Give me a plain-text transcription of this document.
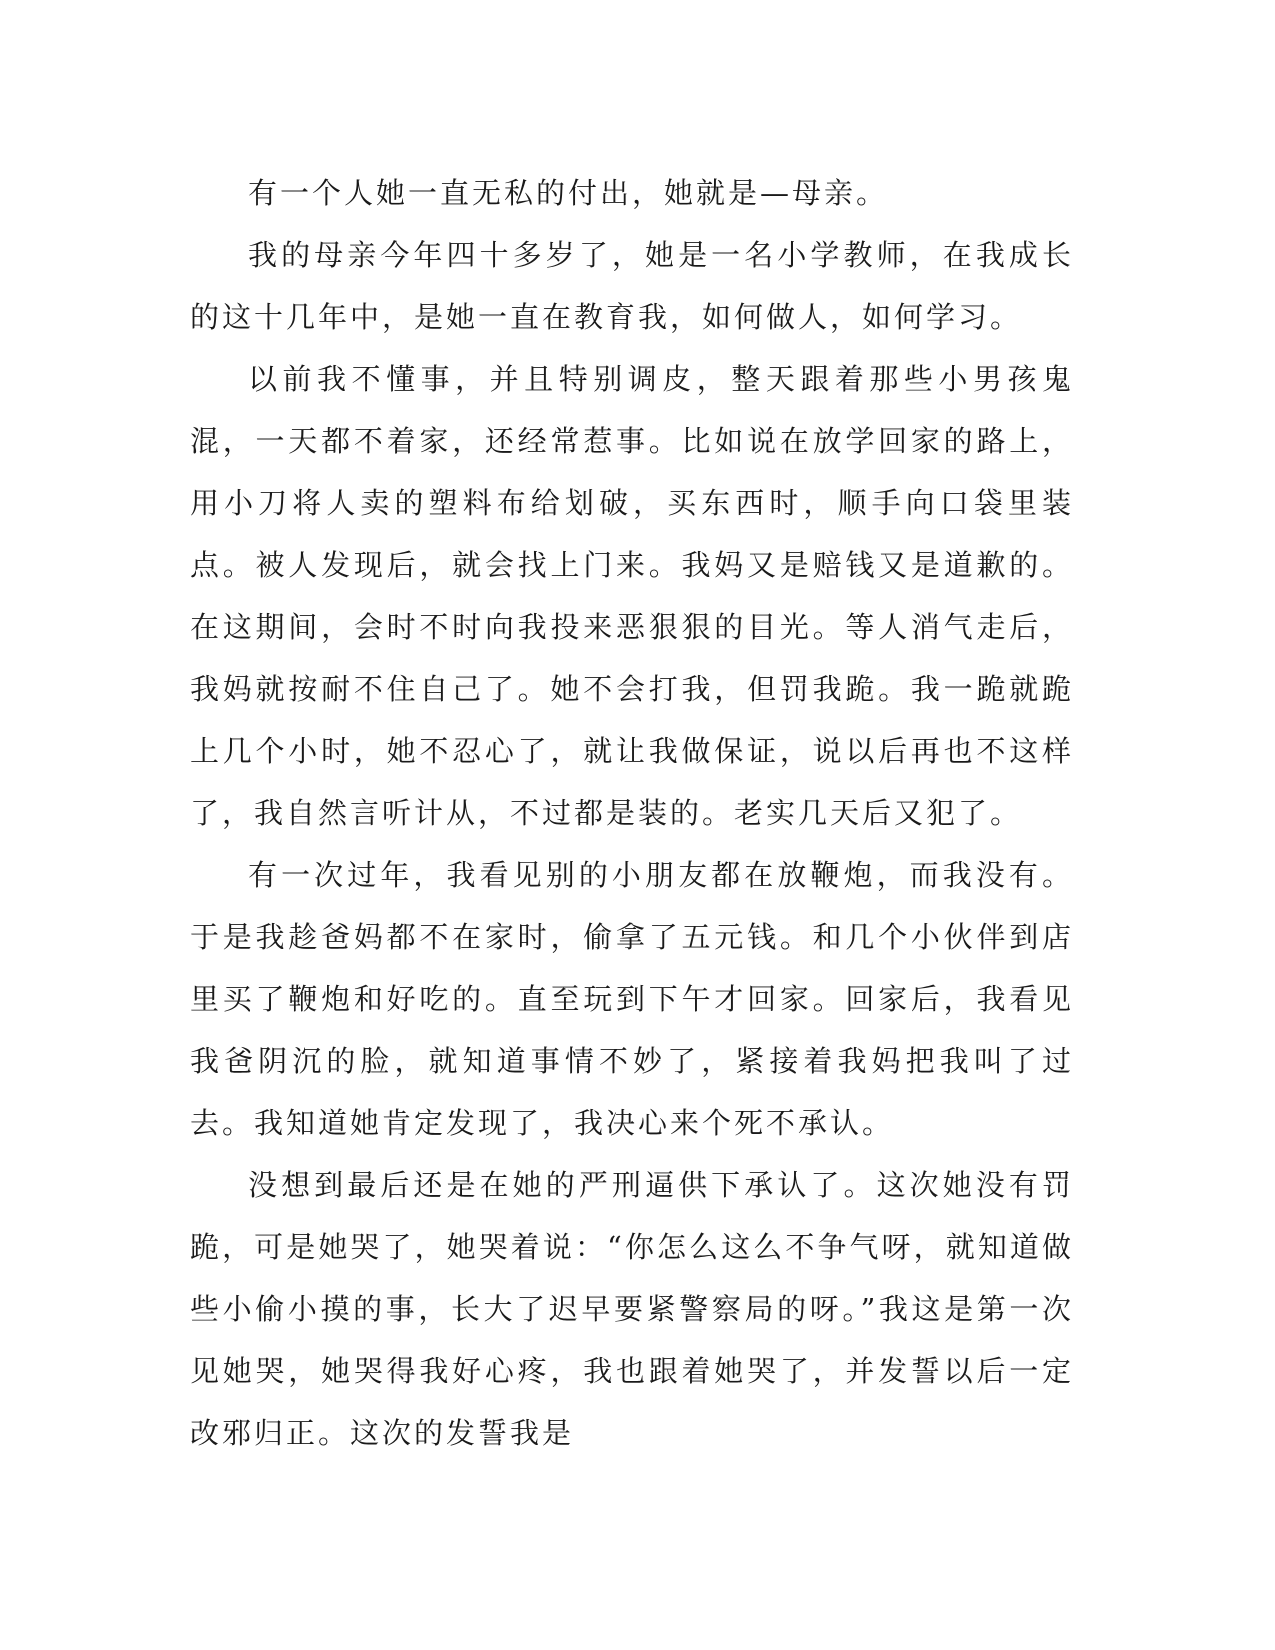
有一个人她一直无私的付出，她就是—母亲。

我的母亲今年四十多岁了，她是一名小学教师，在我成长的这十几年中，是她一直在教育我，如何做人，如何学习。

以前我不懂事，并且特别调皮，整天跟着那些小男孩鬼混，一天都不着家，还经常惹事。比如说在放学回家的路上，用小刀将人卖的塑料布给划破，买东西时，顺手向口袋里装点。被人发现后，就会找上门来。我妈又是赔钱又是道歉的。在这期间，会时不时向我投来恶狠狠的目光。等人消气走后，我妈就按耐不住自己了。她不会打我，但罚我跪。我一跪就跪上几个小时，她不忍心了，就让我做保证，说以后再也不这样了，我自然言听计从，不过都是装的。老实几天后又犯了。

有一次过年，我看见别的小朋友都在放鞭炮，而我没有。于是我趁爸妈都不在家时，偷拿了五元钱。和几个小伙伴到店里买了鞭炮和好吃的。直至玩到下午才回家。回家后，我看见我爸阴沉的脸，就知道事情不妙了，紧接着我妈把我叫了过去。我知道她肯定发现了，我决心来个死不承认。

没想到最后还是在她的严刑逼供下承认了。这次她没有罚跪，可是她哭了，她哭着说：“你怎么这么不争气呀，就知道做些小偷小摸的事，长大了迟早要紧警察局的呀。”我这是第一次见她哭，她哭得我好心疼，我也跟着她哭了，并发誓以后一定改邪归正。这次的发誓我是
